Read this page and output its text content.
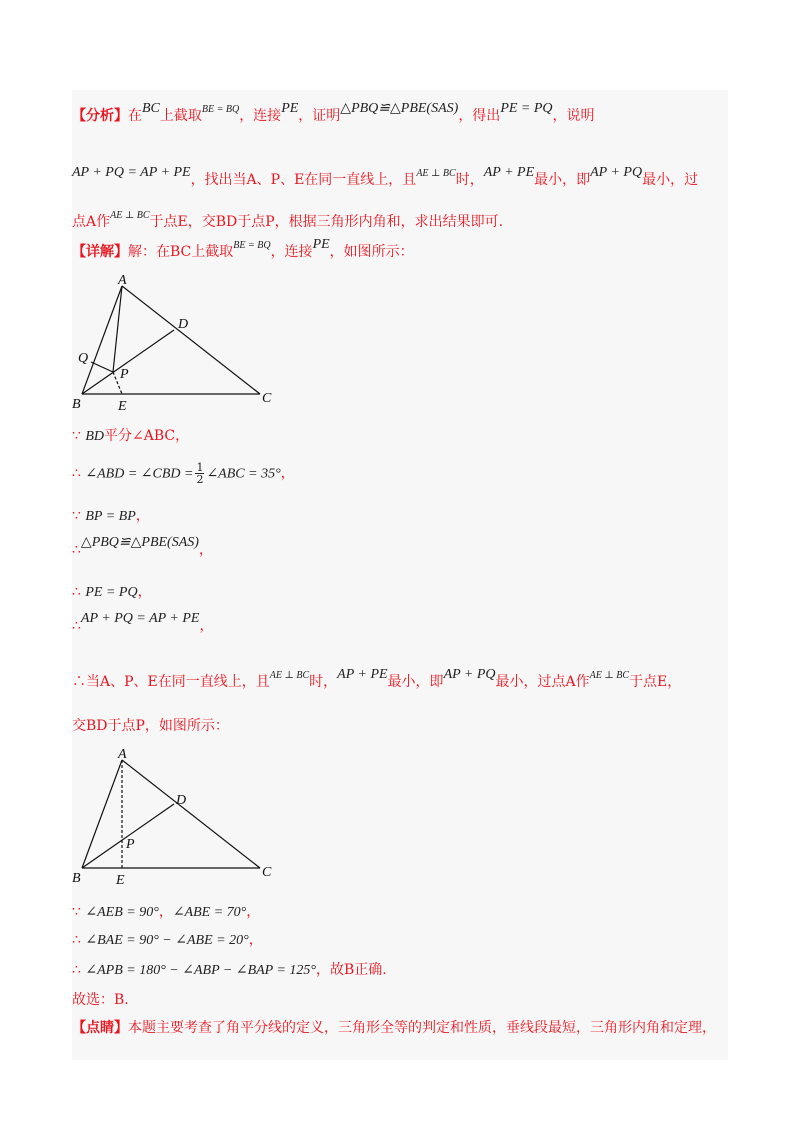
【分析】在BC上截取$^{BE = BQ}$，连接PE，证明△PBQ≌△PBE(SAS)，得出PE = PQ，说明
AP + PQ = AP + PE，找出当A、P、E在同一直线上，且$^{AE \perp BC}$时，AP + PE最小，即AP + PQ最小，过
点A作$^{AE \perp BC}$于点E，交BD于点P，根据三角形内角和，求出结果即可.
【详解】解：在BC上截取$^{BE = BQ}$，连接PE，如图所示：
A
B	C
D
E
P
Q
∵ BD平分∠ABC，
∴ ∠ABD = ∠CBD = $\frac{1}{2}$ ∠ABC = 35°，
∵ BP = BP，
∴△PBQ≌△PBE(SAS)，
∴ PE = PQ，
∴AP + PQ = AP + PE，
∴当A、P、E在同一直线上，且$^{AE \perp BC}$时，AP + PE最小，即AP + PQ最小，过点A作$^{AE \perp BC}$于点E，
交BD于点P，如图所示：
A
B	C
D
E
P
∵ ∠AEB = 90°，∠ABE = 70°，
∴ ∠BAE = 90° − ∠ABE = 20°，
∴ ∠APB = 180° − ∠ABP − ∠BAP = 125°，故B正确.
故选：B.
【点睛】本题主要考查了角平分线的定义，三角形全等的判定和性质，垂线段最短，三角形内角和定理，
